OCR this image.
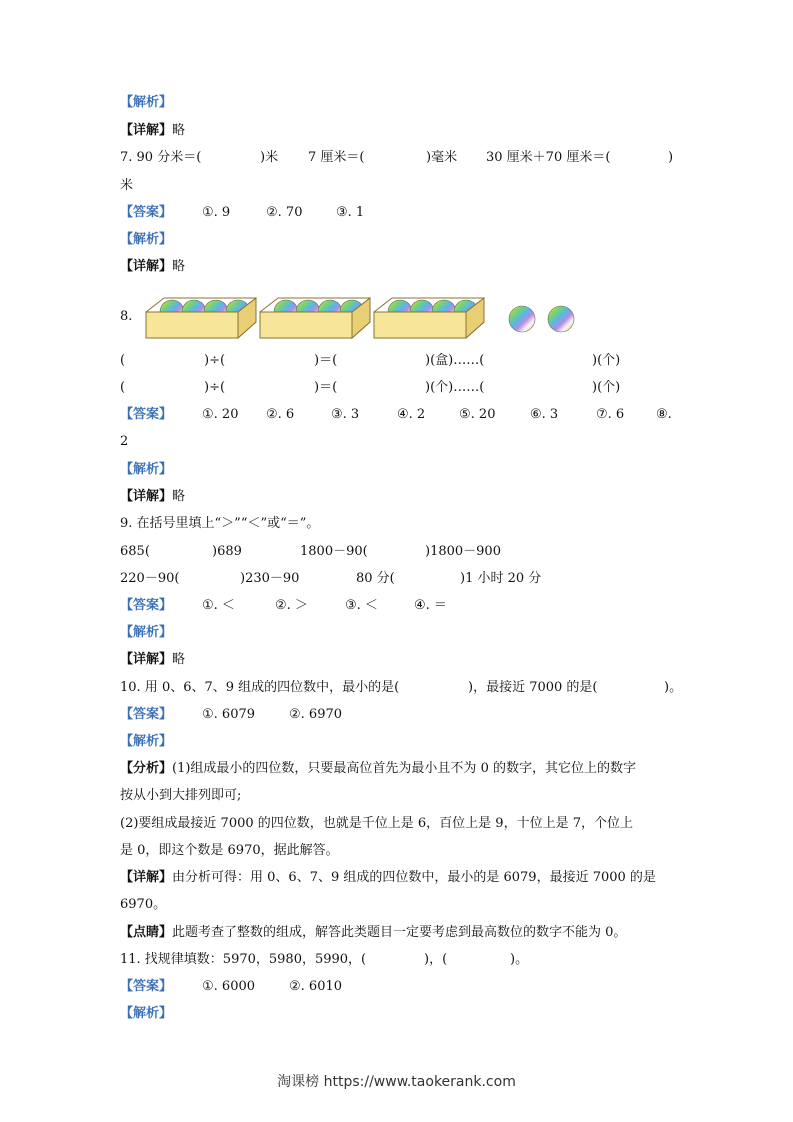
【解析】
【详解】略
7. 90 分米＝(	)米 7 厘米＝(	)毫米 30 厘米＋70 厘米＝(	)
米
【答案】 ①. 9	②. 70	③. 1
【解析】
【详解】略
8.
(	)÷(	)＝(	)(盒)……(	)(个)
(	)÷(	)＝(	)(个)……(	)(个)
【答案】 ①. 20 ②. 6	③. 3	④. 2	⑤. 20	⑥. 3	⑦. 6 ⑧.
2
【解析】
【详解】略
9. 在括号里填上“＞”“＜”或“＝”。
685(	)689	1800－90(	)1800－900
220－90(	)230－90	80 分(	)1 小时 20 分
【答案】 ①. ＜	②. ＞	③. ＜	④. ＝
【解析】
【详解】略
10. 用 0、6、7、9 组成的四位数中，最小的是(	)，最接近 7000 的是(	)。
【答案】 ①. 6079	②. 6970
【解析】
【分析】(1)组成最小的四位数，只要最高位首先为最小且不为 0 的数字，其它位上的数字
按从小到大排列即可;
(2)要组成最接近 7000 的四位数，也就是千位上是 6，百位上是 9，十位上是 7，个位上
是 0，即这个数是 6970，据此解答。
【详解】由分析可得：用 0、6、7、9 组成的四位数中，最小的是 6079，最接近 7000 的是
6970。
【点睛】此题考查了整数的组成，解答此类题目一定要考虑到最高数位的数字不能为 0。
11. 找规律填数：5970，5980，5990，(	)，(	)。
【答案】 ①. 6000	②. 6010
【解析】
淘课榜 https://www.taokerank.com
